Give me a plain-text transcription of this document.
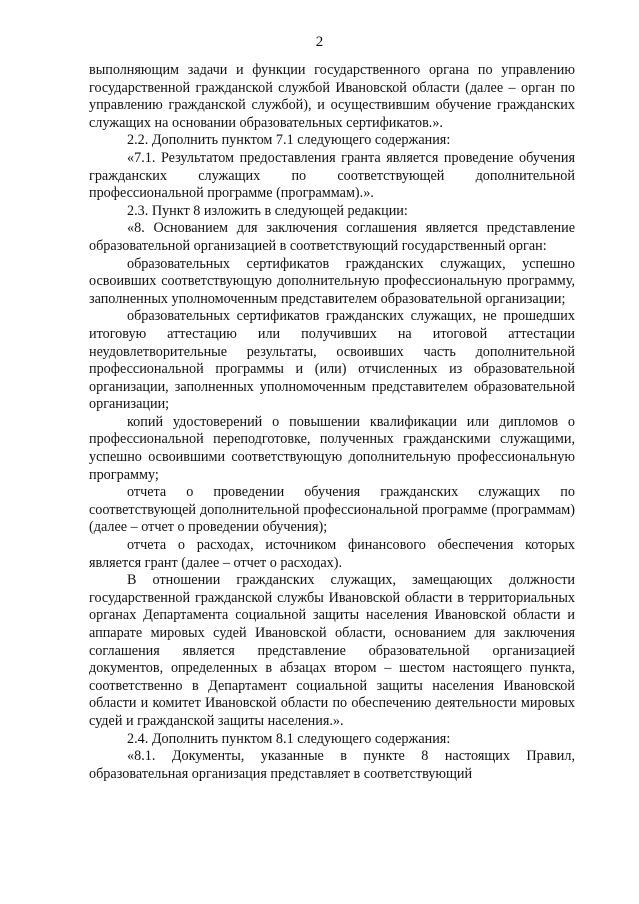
2

выполняющим задачи и функции государственного органа по управлению государственной гражданской службой Ивановской области (далее – орган по управлению гражданской службой), и осуществившим обучение гражданских служащих на основании образовательных сертификатов.».

2.2. Дополнить пунктом 7.1 следующего содержания:

«7.1. Результатом предоставления гранта является проведение обучения гражданских служащих по соответствующей дополнительной профессиональной программе (программам).».

2.3. Пункт 8 изложить в следующей редакции:

«8. Основанием для заключения соглашения является представление образовательной организацией в соответствующий государственный орган:

образовательных сертификатов гражданских служащих, успешно освоивших соответствующую дополнительную профессиональную программу, заполненных уполномоченным представителем образовательной организации;

образовательных сертификатов гражданских служащих, не прошедших итоговую аттестацию или получивших на итоговой аттестации неудовлетворительные результаты, освоивших часть дополнительной профессиональной программы и (или) отчисленных из образовательной организации, заполненных уполномоченным представителем образовательной организации;

копий удостоверений о повышении квалификации или дипломов о профессиональной переподготовке, полученных гражданскими служащими, успешно освоившими соответствующую дополнительную профессиональную программу;

отчета о проведении обучения гражданских служащих по соответствующей дополнительной профессиональной программе (программам) (далее – отчет о проведении обучения);

отчета о расходах, источником финансового обеспечения которых является грант (далее – отчет о расходах).

В отношении гражданских служащих, замещающих должности государственной гражданской службы Ивановской области в территориальных органах Департамента социальной защиты населения Ивановской области и аппарате мировых судей Ивановской области, основанием для заключения соглашения является представление образовательной организацией документов, определенных в абзацах втором – шестом настоящего пункта, соответственно в Департамент социальной защиты населения Ивановской области и комитет Ивановской области по обеспечению деятельности мировых судей и гражданской защиты населения.».

2.4. Дополнить пунктом 8.1 следующего содержания:

«8.1. Документы, указанные в пункте 8 настоящих Правил, образовательная организация представляет в соответствующий
